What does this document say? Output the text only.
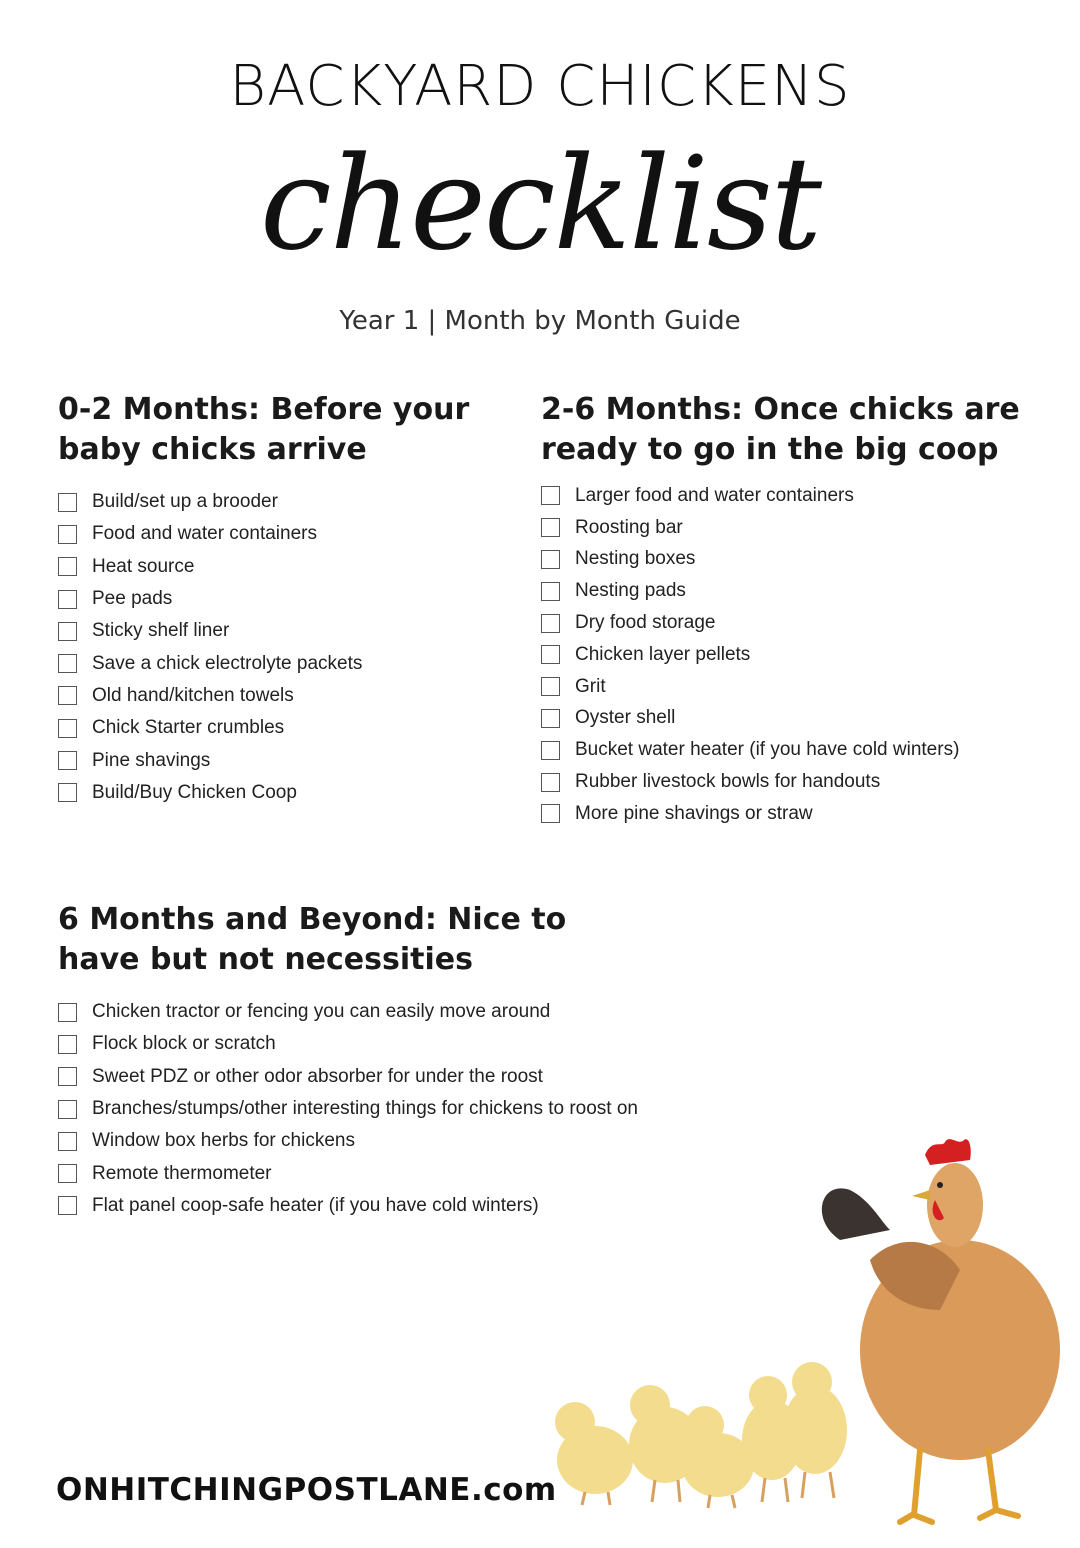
BACKYARD CHICKENS
checklist
Year 1 | Month by Month Guide
0-2 Months: Before your
baby chicks arrive
Build/set up a brooder
Food and water containers
Heat source
Pee pads
Sticky shelf liner
Save a chick electrolyte packets
Old hand/kitchen towels
Chick Starter crumbles
Pine shavings
Build/Buy Chicken Coop
2-6 Months: Once chicks are
ready to go in the big coop
Larger food and water containers
Roosting bar
Nesting boxes
Nesting pads
Dry food storage
Chicken layer pellets
Grit
Oyster shell
Bucket water heater (if you have cold winters)
Rubber livestock bowls for handouts
More pine shavings or straw
6 Months and Beyond: Nice to
have but not necessities
Chicken tractor or fencing you can easily move around
Flock block or scratch
Sweet PDZ or other odor absorber for under the roost
Branches/stumps/other interesting things for chickens to roost on
Window box herbs for chickens
Remote thermometer
Flat panel coop-safe heater (if you have cold winters)
ONHITCHINGPOSTLANE.com
